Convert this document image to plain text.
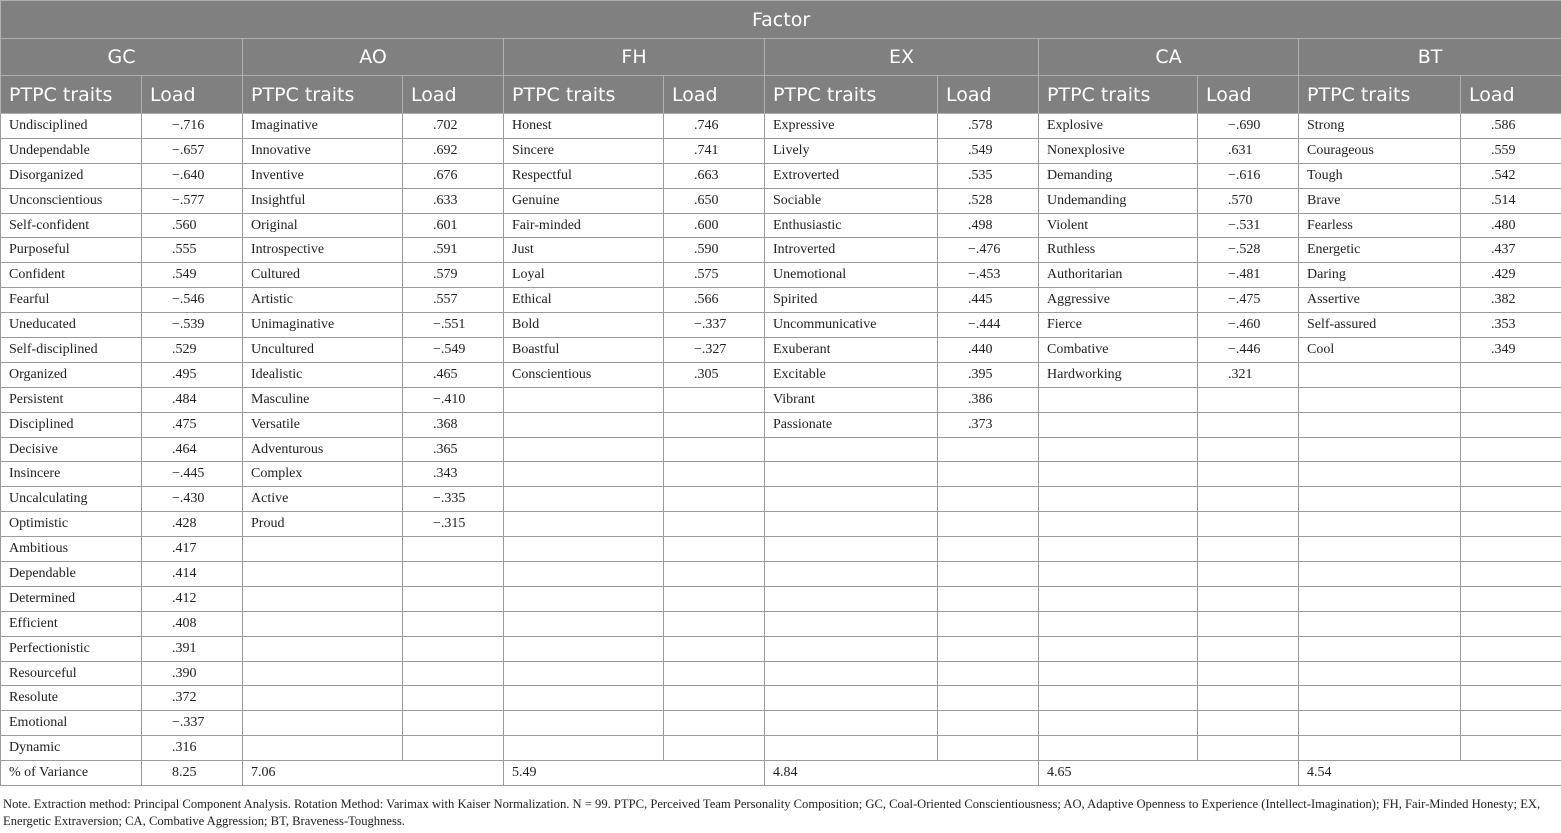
Factor											
GC		AO		FH		EX		CA		BT	
PTPC traits	Load	PTPC traits	Load	PTPC traits	Load	PTPC traits	Load	PTPC traits	Load	PTPC traits	Load
Undisciplined	−.716	Imaginative	.702	Honest	.746	Expressive	.578	Explosive	−.690	Strong	.586
Undependable	−.657	Innovative	.692	Sincere	.741	Lively	.549	Nonexplosive	.631	Courageous	.559
Disorganized	−.640	Inventive	.676	Respectful	.663	Extroverted	.535	Demanding	−.616	Tough	.542
Unconscientious	−.577	Insightful	.633	Genuine	.650	Sociable	.528	Undemanding	.570	Brave	.514
Self-confident	.560	Original	.601	Fair-minded	.600	Enthusiastic	.498	Violent	−.531	Fearless	.480
Purposeful	.555	Introspective	.591	Just	.590	Introverted	−.476	Ruthless	−.528	Energetic	.437
Confident	.549	Cultured	.579	Loyal	.575	Unemotional	−.453	Authoritarian	−.481	Daring	.429
Fearful	−.546	Artistic	.557	Ethical	.566	Spirited	.445	Aggressive	−.475	Assertive	.382
Uneducated	−.539	Unimaginative	−.551	Bold	−.337	Uncommunicative	−.444	Fierce	−.460	Self-assured	.353
Self-disciplined	.529	Uncultured	−.549	Boastful	−.327	Exuberant	.440	Combative	−.446	Cool	.349
Organized	.495	Idealistic	.465	Conscientious	.305	Excitable	.395	Hardworking	.321		
Persistent	.484	Masculine	−.410			Vibrant	.386				
Disciplined	.475	Versatile	.368			Passionate	.373				
Decisive	.464	Adventurous	.365								
Insincere	−.445	Complex	.343								
Uncalculating	−.430	Active	−.335								
Optimistic	.428	Proud	−.315								
Ambitious	.417										
Dependable	.414										
Determined	.412										
Efficient	.408										
Perfectionistic	.391										
Resourceful	.390										
Resolute	.372										
Emotional	−.337										
Dynamic	.316										
% of Variance	8.25	7.06		5.49		4.84		4.65		4.54	
Note. Extraction method: Principal Component Analysis. Rotation Method: Varimax with Kaiser Normalization. N = 99. PTPC, Perceived Team Personality Composition; GC, Coal-Oriented Conscientiousness; AO, Adaptive Openness to Experience (Intellect-Imagination); FH, Fair-Minded Honesty; EX, Energetic Extraversion; CA, Combative Aggression; BT, Braveness-Toughness.
